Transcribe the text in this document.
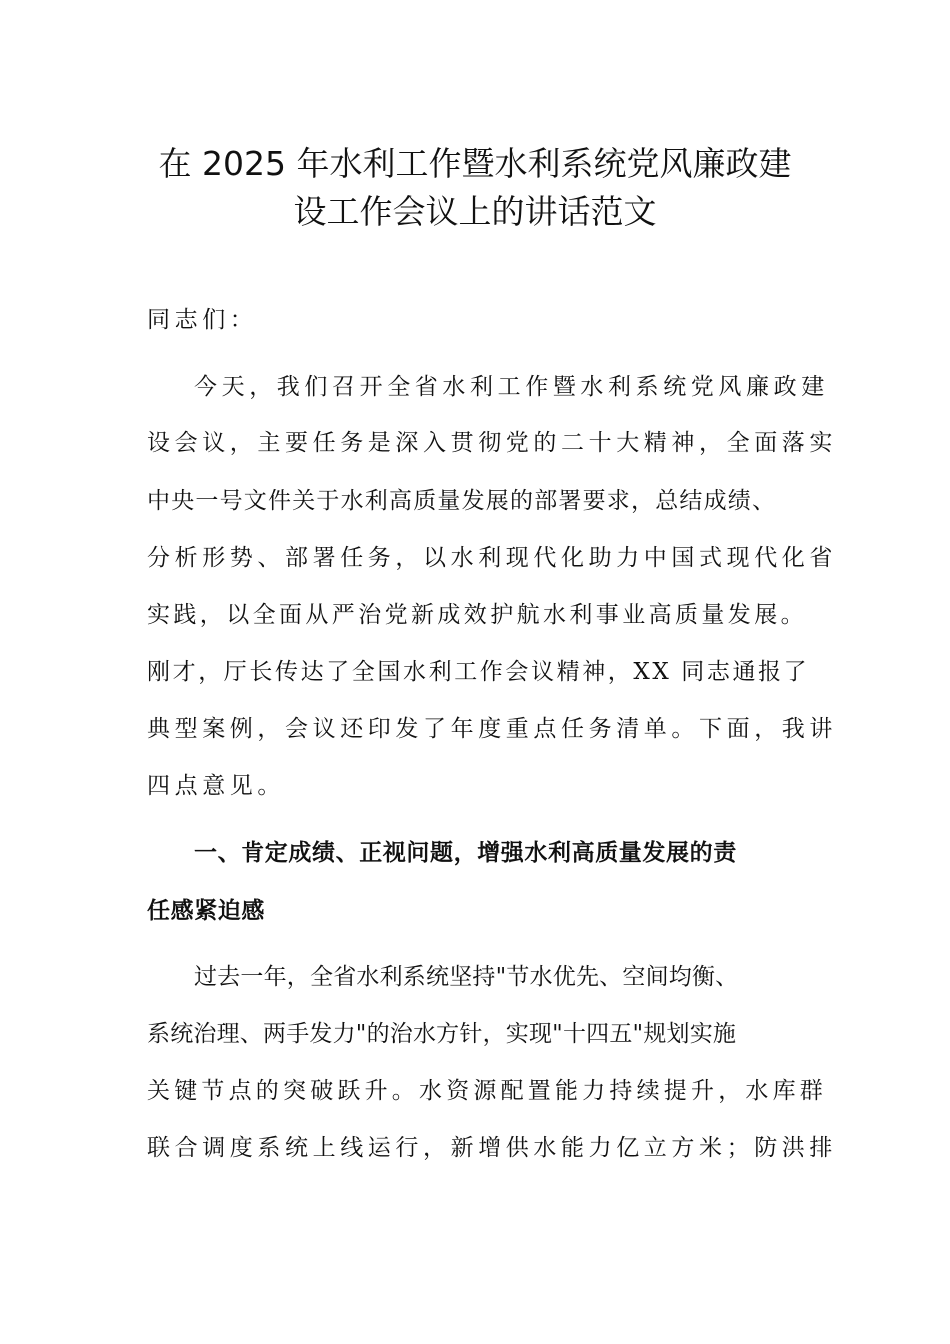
在 2025 年水利工作暨水利系统党风廉政建
设工作会议上的讲话范文
同志们：
今天，我们召开全省水利工作暨水利系统党风廉政建
设会议，主要任务是深入贯彻党的二十大精神，全面落实
中央一号文件关于水利高质量发展的部署要求，总结成绩、
分析形势、部署任务，以水利现代化助力中国式现代化省
实践，以全面从严治党新成效护航水利事业高质量发展。
刚才，厅长传达了全国水利工作会议精神，XX 同志通报了
典型案例，会议还印发了年度重点任务清单。下面，我讲
四点意见。
一、肯定成绩、正视问题，增强水利高质量发展的责
任感紧迫感
过去一年，全省水利系统坚持"节水优先、空间均衡、
系统治理、两手发力"的治水方针，实现"十四五"规划实施
关键节点的突破跃升。水资源配置能力持续提升，水库群
联合调度系统上线运行，新增供水能力亿立方米；防洪排
